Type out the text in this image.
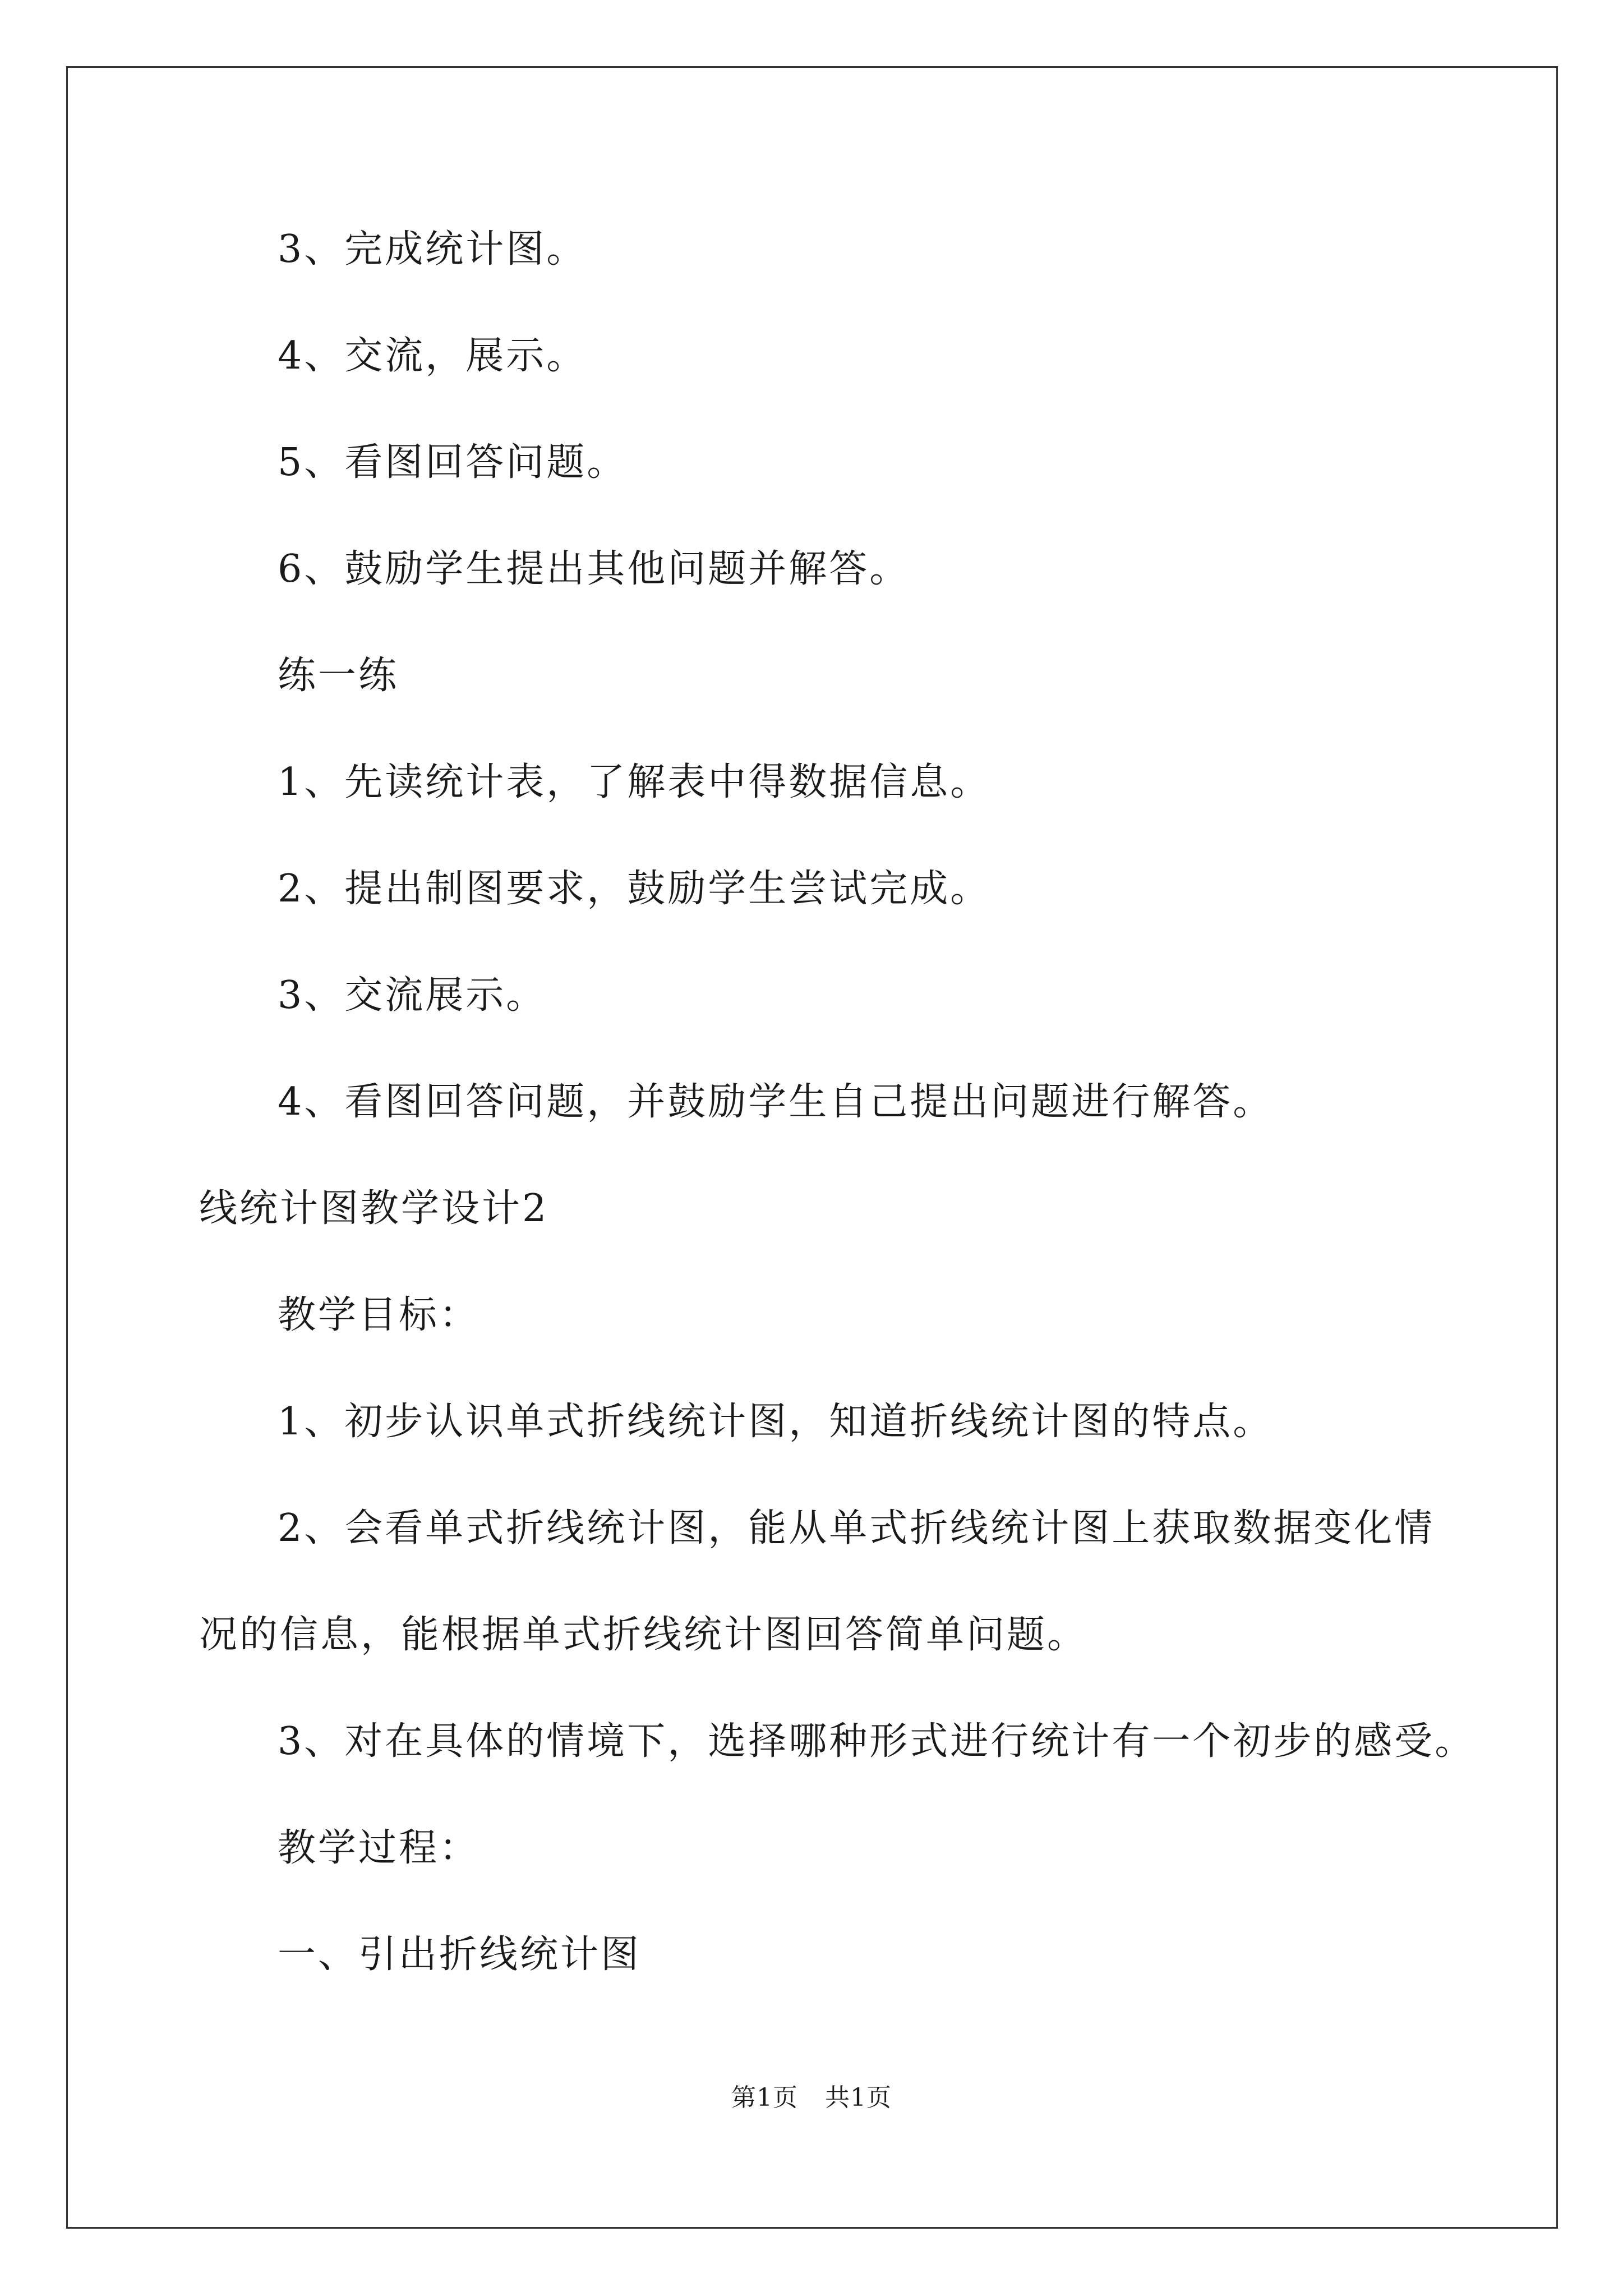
3、完成统计图。
4、交流，展示。
5、看图回答问题。
6、鼓励学生提出其他问题并解答。
练一练
1、先读统计表，了解表中得数据信息。
2、提出制图要求，鼓励学生尝试完成。
3、交流展示。
4、看图回答问题，并鼓励学生自己提出问题进行解答。
线统计图教学设计2
教学目标：
1、初步认识单式折线统计图，知道折线统计图的特点。
2、会看单式折线统计图，能从单式折线统计图上获取数据变化情
况的信息，能根据单式折线统计图回答简单问题。
3、对在具体的情境下，选择哪种形式进行统计有一个初步的感受。
教学过程：
一、引出折线统计图
第1页 共1页
